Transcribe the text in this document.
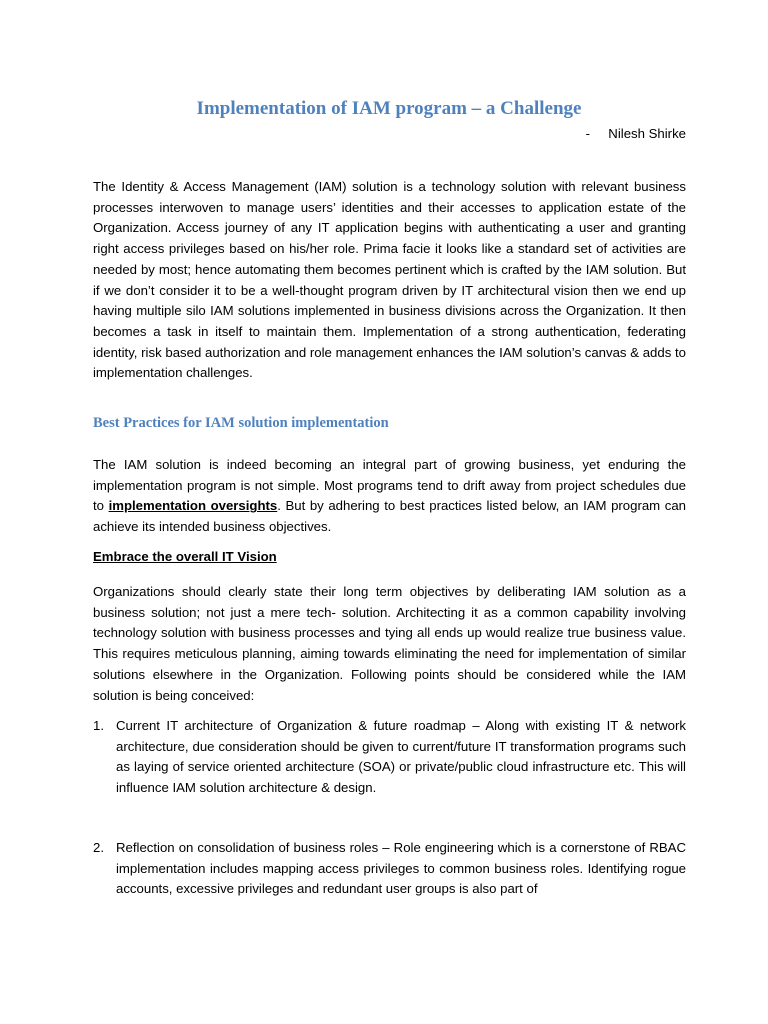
Implementation of IAM program – a Challenge
-     Nilesh Shirke

The Identity & Access Management (IAM) solution is a technology solution with relevant business processes interwoven to manage users’ identities and their accesses to application estate of the Organization. Access journey of any IT application begins with authenticating a user and granting right access privileges based on his/her role. Prima facie it looks like a standard set of activities are needed by most; hence automating them becomes pertinent which is crafted by the IAM solution. But if we don’t consider it to be a well-thought program driven by IT architectural vision then we end up having multiple silo IAM solutions implemented in business divisions across the Organization. It then becomes a task in itself to maintain them. Implementation of a strong authentication, federating identity, risk based authorization and role management enhances the IAM solution’s canvas & adds to implementation challenges.

Best Practices for IAM solution implementation

The IAM solution is indeed becoming an integral part of growing business, yet enduring the implementation program is not simple. Most programs tend to drift away from project schedules due to implementation oversights. But by adhering to best practices listed below, an IAM program can achieve its intended business objectives.

Embrace the overall IT Vision

Organizations should clearly state their long term objectives by deliberating IAM solution as a business solution; not just a mere tech- solution. Architecting it as a common capability involving technology solution with business processes and tying all ends up would realize true business value. This requires meticulous planning, aiming towards eliminating the need for implementation of similar solutions elsewhere in the Organization. Following points should be considered while the IAM solution is being conceived:

1. Current IT architecture of Organization & future roadmap – Along with existing IT & network architecture, due consideration should be given to current/future IT transformation programs such as laying of service oriented architecture (SOA) or private/public cloud infrastructure etc. This will influence IAM solution architecture & design.

2. Reflection on consolidation of business roles – Role engineering which is a cornerstone of RBAC implementation includes mapping access privileges to common business roles. Identifying rogue accounts, excessive privileges and redundant user groups is also part of
